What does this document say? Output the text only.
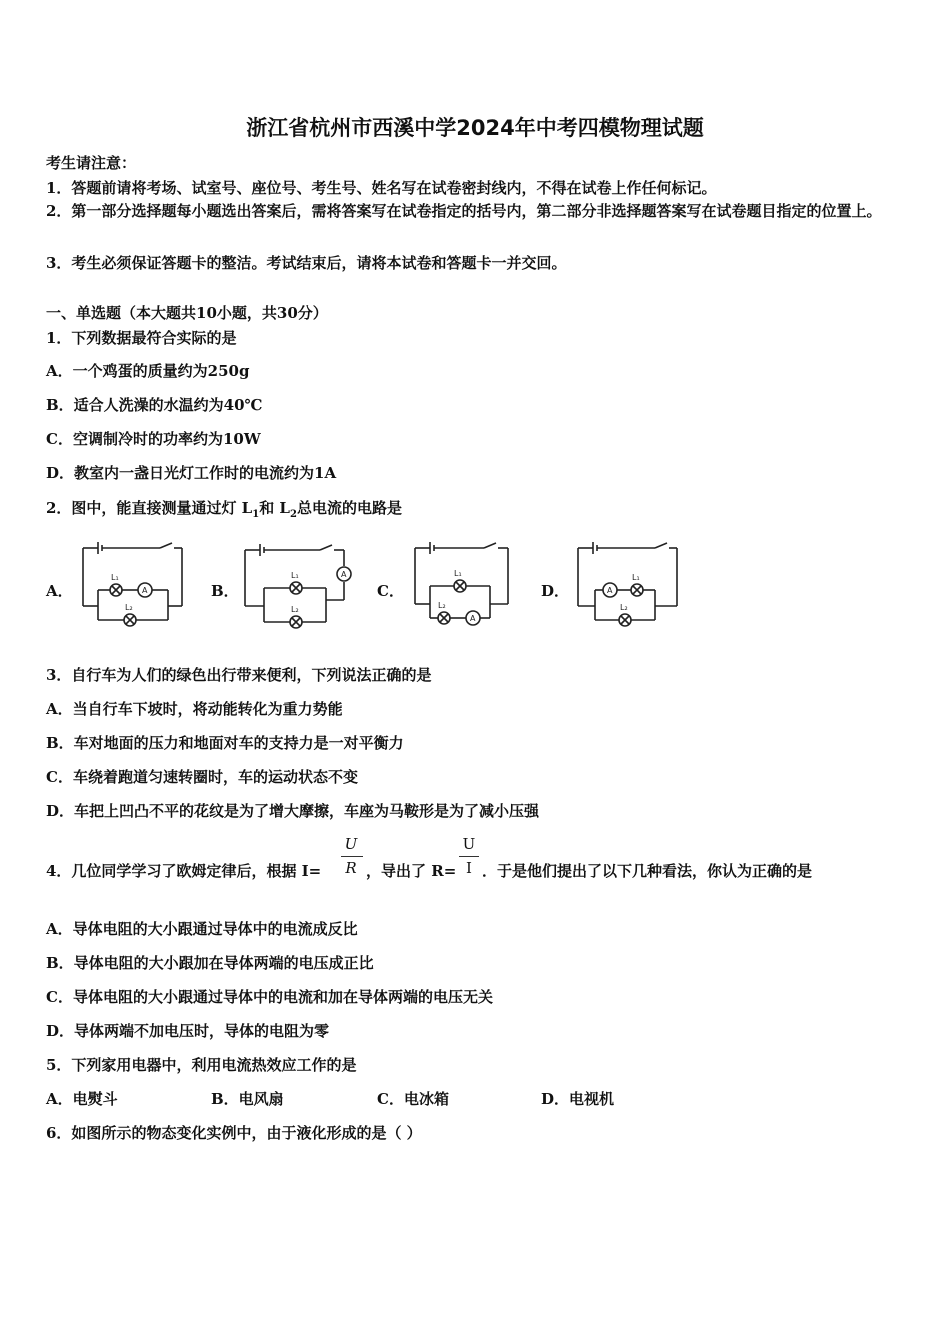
浙江省杭州市西溪中学2024年中考四模物理试题
考生请注意：
1．答题前请将考场、试室号、座位号、考生号、姓名写在试卷密封线内，不得在试卷上作任何标记。
2．第一部分选择题每小题选出答案后，需将答案写在试卷指定的括号内，第二部分非选择题答案写在试卷题目指定的位置上。
3．考生必须保证答题卡的整洁。考试结束后，请将本试卷和答题卡一并交回。
一、单选题（本大题共10小题，共30分）
1．下列数据最符合实际的是
A．一个鸡蛋的质量约为250g
B．适合人洗澡的水温约为40℃
C．空调制冷时的功率约为10W
D．教室内一盏日光灯工作时的电流约为1A
2．图中，能直接测量通过灯 $L_1$和 $L_2$总电流的电路是
A．	B．	C．	D．
A
L₁
L₂
A
L₁
L₂
L₁
L₂
A
A
L₁
L₂
3．自行车为人们的绿色出行带来便利，下列说法正确的是
A．当自行车下坡时，将动能转化为重力势能
B．车对地面的压力和地面对车的支持力是一对平衡力
C．车绕着跑道匀速转圈时，车的运动状态不变
D．车把上凹凸不平的花纹是为了增大摩擦，车座为马鞍形是为了减小压强
4．几位同学学习了欧姆定律后，根据 I=
U
R ，导出了 R=
U
I ．于是他们提出了以下几种看法，你认为正确的是
A．导体电阻的大小跟通过导体中的电流成反比
B．导体电阻的大小跟加在导体两端的电压成正比
C．导体电阻的大小跟通过导体中的电流和加在导体两端的电压无关
D．导体两端不加电压时，导体的电阻为零
5．下列家用电器中，利用电流热效应工作的是
A．电熨斗	B．电风扇	C．电冰箱	D．电视机
6．如图所示的物态变化实例中，由于液化形成的是（ ）
